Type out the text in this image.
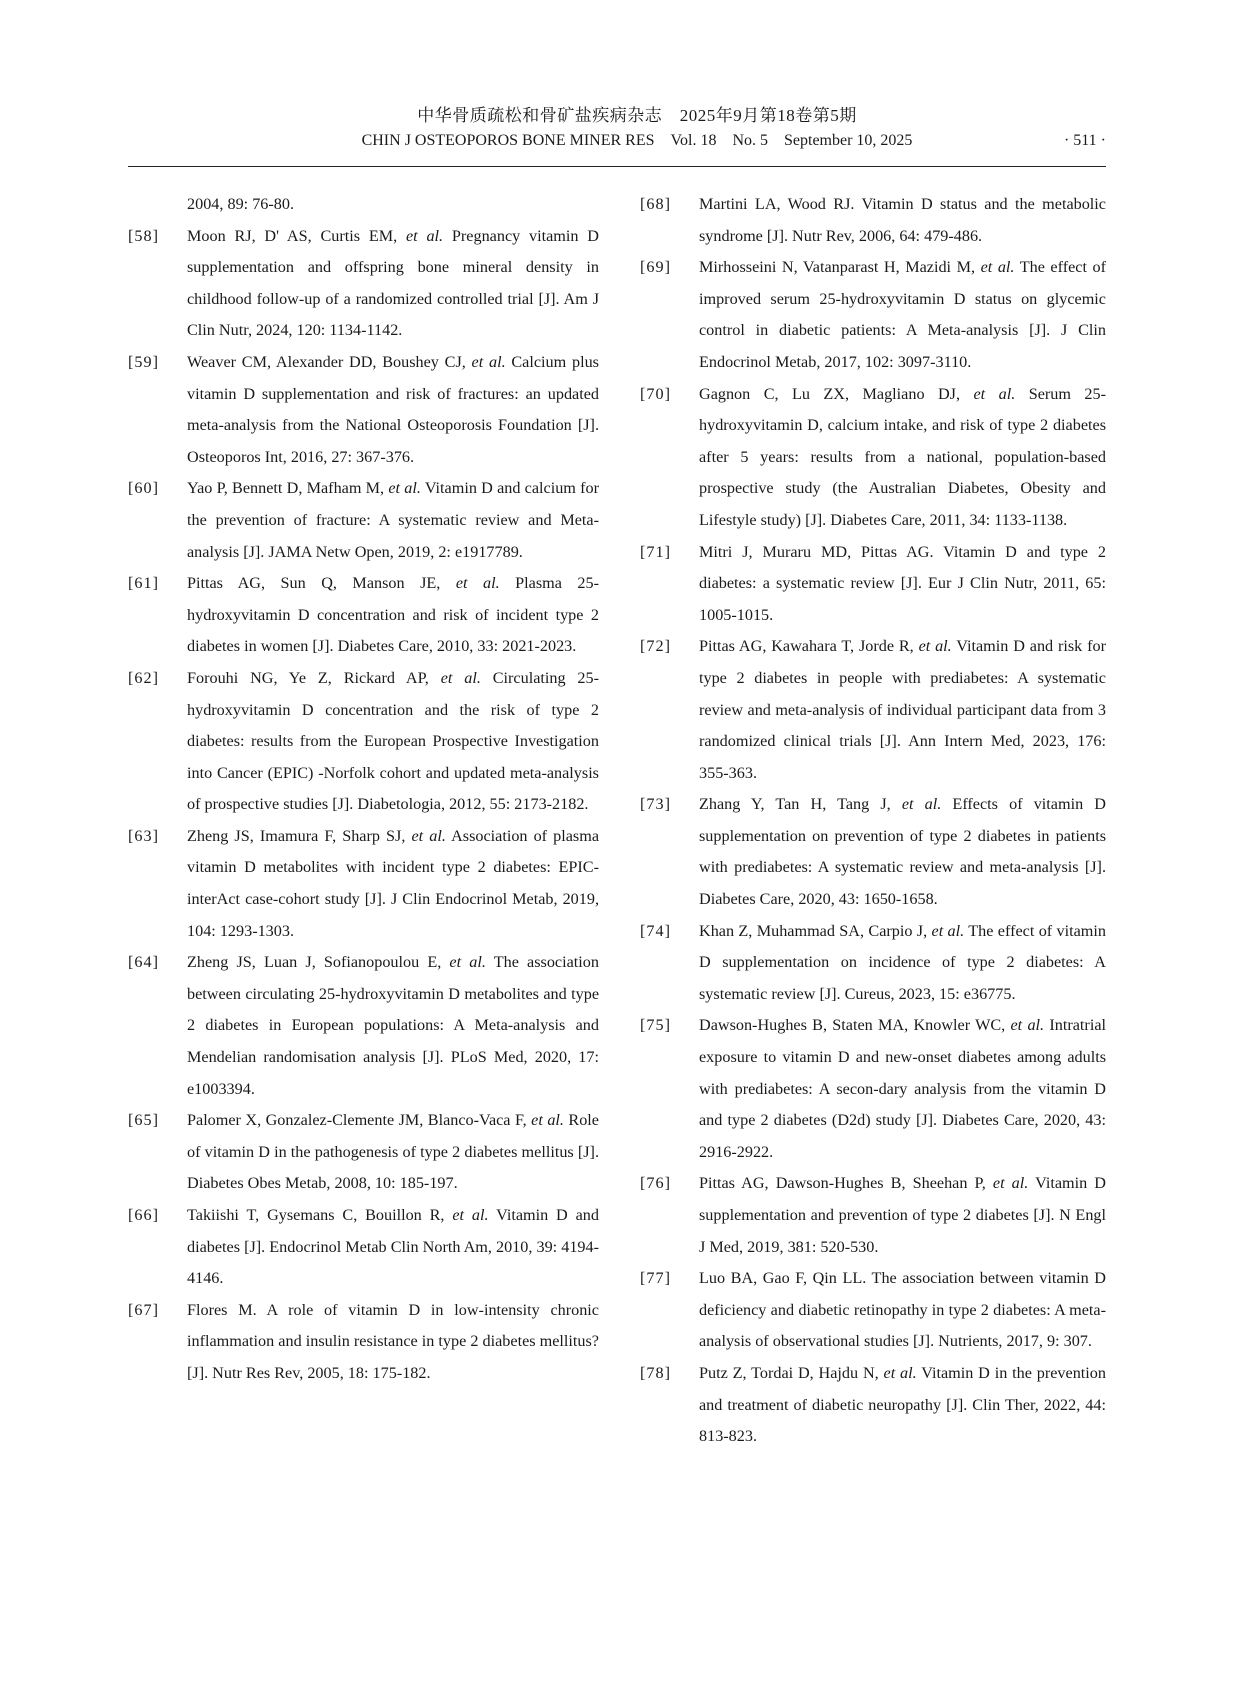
中华骨质疏松和骨矿盐疾病杂志　2025年9月第18卷第5期
CHIN J OSTEOPOROS BONE MINER RES　Vol. 18　No. 5　September 10, 2025	· 511 ·
2004, 89: 76-80.
[58]	Moon RJ, D' AS, Curtis EM, et al. Pregnancy vitamin D supplementation and offspring bone mineral density in childhood follow-up of a randomized controlled trial [J]. Am J Clin Nutr, 2024, 120: 1134-1142.
[59]	Weaver CM, Alexander DD, Boushey CJ, et al. Calcium plus vitamin D supplementation and risk of fractures: an updated meta-analysis from the National Osteoporosis Foundation [J]. Osteoporos Int, 2016, 27: 367-376.
[60]	Yao P, Bennett D, Mafham M, et al. Vitamin D and calcium for the prevention of fracture: A systematic review and Meta-analysis [J]. JAMA Netw Open, 2019, 2: e1917789.
[61]	Pittas AG, Sun Q, Manson JE, et al. Plasma 25-hydroxyvitamin D concentration and risk of incident type 2 diabetes in women [J]. Diabetes Care, 2010, 33: 2021-2023.
[62]	Forouhi NG, Ye Z, Rickard AP, et al. Circulating 25-hydroxyvitamin D concentration and the risk of type 2 diabetes: results from the European Prospective Investigation into Cancer (EPIC) -Norfolk cohort and updated meta-analysis of prospective studies [J]. Diabetologia, 2012, 55: 2173-2182.
[63]	Zheng JS, Imamura F, Sharp SJ, et al. Association of plasma vitamin D metabolites with incident type 2 diabetes: EPIC-interAct case-cohort study [J]. J Clin Endocrinol Metab, 2019, 104: 1293-1303.
[64]	Zheng JS, Luan J, Sofianopoulou E, et al. The association between circulating 25-hydroxyvitamin D metabolites and type 2 diabetes in European populations: A Meta-analysis and Mendelian randomisation analysis [J]. PLoS Med, 2020, 17: e1003394.
[65]	Palomer X, Gonzalez-Clemente JM, Blanco-Vaca F, et al. Role of vitamin D in the pathogenesis of type 2 diabetes mellitus [J]. Diabetes Obes Metab, 2008, 10: 185-197.
[66]	Takiishi T, Gysemans C, Bouillon R, et al. Vitamin D and diabetes [J]. Endocrinol Metab Clin North Am, 2010, 39: 4194-4146.
[67]	Flores M. A role of vitamin D in low-intensity chronic inflammation and insulin resistance in type 2 diabetes mellitus? [J]. Nutr Res Rev, 2005, 18: 175-182.
[68]	Martini LA, Wood RJ. Vitamin D status and the metabolic syndrome [J]. Nutr Rev, 2006, 64: 479-486.
[69]	Mirhosseini N, Vatanparast H, Mazidi M, et al. The effect of improved serum 25-hydroxyvitamin D status on glycemic control in diabetic patients: A Meta-analysis [J]. J Clin Endocrinol Metab, 2017, 102: 3097-3110.
[70]	Gagnon C, Lu ZX, Magliano DJ, et al. Serum 25-hydroxyvitamin D, calcium intake, and risk of type 2 diabetes after 5 years: results from a national, population-based prospective study (the Australian Diabetes, Obesity and Lifestyle study) [J]. Diabetes Care, 2011, 34: 1133-1138.
[71]	Mitri J, Muraru MD, Pittas AG. Vitamin D and type 2 diabetes: a systematic review [J]. Eur J Clin Nutr, 2011, 65: 1005-1015.
[72]	Pittas AG, Kawahara T, Jorde R, et al. Vitamin D and risk for type 2 diabetes in people with prediabetes: A systematic review and meta-analysis of individual participant data from 3 randomized clinical trials [J]. Ann Intern Med, 2023, 176: 355-363.
[73]	Zhang Y, Tan H, Tang J, et al. Effects of vitamin D supplementation on prevention of type 2 diabetes in patients with prediabetes: A systematic review and meta-analysis [J]. Diabetes Care, 2020, 43: 1650-1658.
[74]	Khan Z, Muhammad SA, Carpio J, et al. The effect of vitamin D supplementation on incidence of type 2 diabetes: A systematic review [J]. Cureus, 2023, 15: e36775.
[75]	Dawson-Hughes B, Staten MA, Knowler WC, et al. Intratrial exposure to vitamin D and new-onset diabetes among adults with prediabetes: A secon-dary analysis from the vitamin D and type 2 diabetes (D2d) study [J]. Diabetes Care, 2020, 43: 2916-2922.
[76]	Pittas AG, Dawson-Hughes B, Sheehan P, et al. Vitamin D supplementation and prevention of type 2 diabetes [J]. N Engl J Med, 2019, 381: 520-530.
[77]	Luo BA, Gao F, Qin LL. The association between vitamin D deficiency and diabetic retinopathy in type 2 diabetes: A meta-analysis of observational studies [J]. Nutrients, 2017, 9: 307.
[78]	Putz Z, Tordai D, Hajdu N, et al. Vitamin D in the prevention and treatment of diabetic neuropathy [J]. Clin Ther, 2022, 44: 813-823.
